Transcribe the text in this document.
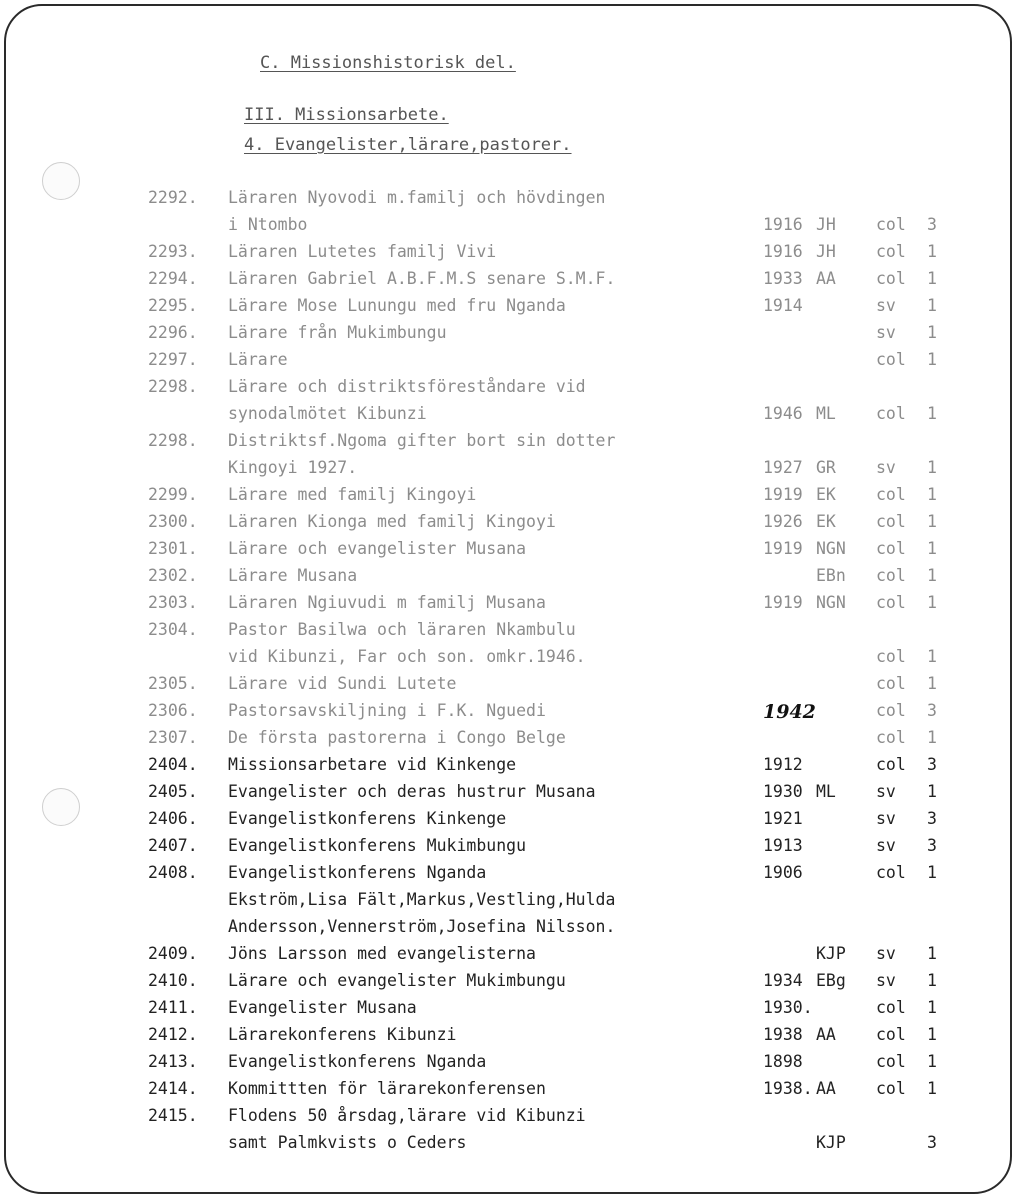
C. Missionshistorisk del.
III. Missionsarbete.
4. Evangelister,lärare,pastorer.
2292. Läraren Nyovodi m.familj och hövdingen
i Ntombo	1916 JH col 3
2293. Läraren Lutetes familj Vivi	1916 JH col 1
2294. Läraren Gabriel A.B.F.M.S senare S.M.F.	1933 AA col 1
2295. Lärare Mose Lunungu med fru Nganda	1914	sv 1
2296. Lärare från Mukimbungu	sv 1
2297. Lärare	col 1
2298. Lärare och distriktsföreståndare vid
synodalmötet Kibunzi	1946 ML col 1
2298. Distriktsf.Ngoma gifter bort sin dotter
Kingoyi 1927.	1927 GR sv 1
2299. Lärare med familj Kingoyi	1919 EK col 1
2300. Läraren Kionga med familj Kingoyi	1926 EK col 1
2301. Lärare och evangelister Musana	1919 NGN col 1
2302. Lärare Musana	EBn col 1
2303. Läraren Ngiuvudi m familj Musana	1919 NGN col 1
2304. Pastor Basilwa och läraren Nkambulu
vid Kibunzi, Far och son. omkr.1946.	col 1
2305. Lärare vid Sundi Lutete	col 1
2306. Pastorsavskiljning i F.K. Nguedi	1942	col 3
2307. De första pastorerna i Congo Belge	col 1
2404. Missionsarbetare vid Kinkenge	1912	col 3
2405. Evangelister och deras hustrur Musana	1930 ML sv 1
2406. Evangelistkonferens Kinkenge	1921	sv 3
2407. Evangelistkonferens Mukimbungu	1913	sv 3
2408. Evangelistkonferens Nganda	1906	col 1
Ekström,Lisa Fält,Markus,Vestling,Hulda
Andersson,Vennerström,Josefina Nilsson.
2409. Jöns Larsson med evangelisterna	KJP sv 1
2410. Lärare och evangelister Mukimbungu	1934 EBg sv 1
2411. Evangelister Musana	1930.	col 1
2412. Lärarekonferens Kibunzi	1938 AA col 1
2413. Evangelistkonferens Nganda	1898	col 1
2414. Kommittten för lärarekonferensen	1938. AA col 1
2415. Flodens 50 årsdag,lärare vid Kibunzi
samt Palmkvists o Ceders	KJP	3
